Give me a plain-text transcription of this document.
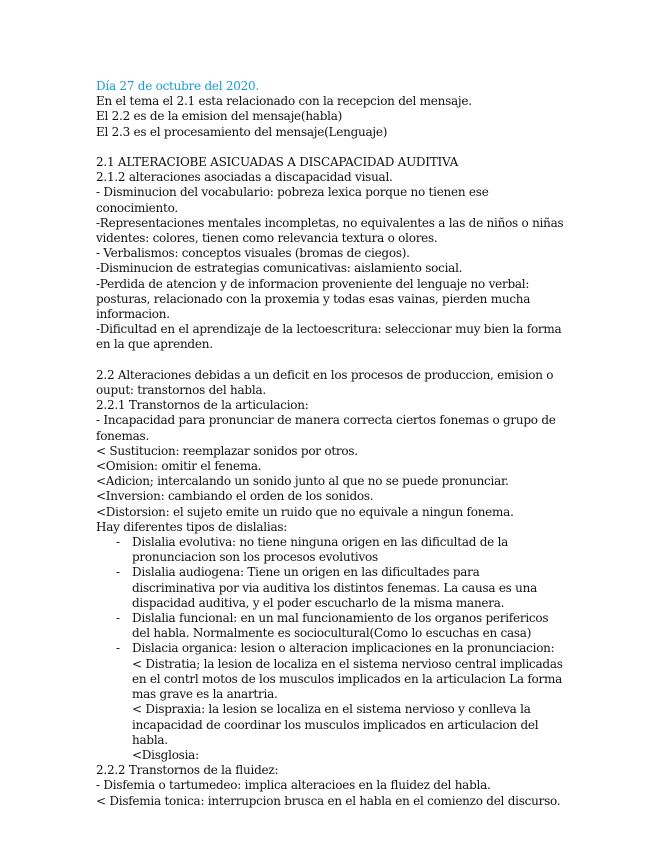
Día 27 de octubre del 2020.

En el tema el 2.1 esta relacionado con la recepcion del mensaje.

El 2.2 es de la emision del mensaje(habla)

El 2.3 es el procesamiento del mensaje(Lenguaje)

2.1 ALTERACIOBE ASICUADAS A DISCAPACIDAD AUDITIVA

2.1.2 alteraciones asociadas a discapacidad visual.

- Disminucion del vocabulario: pobreza lexica porque no tienen ese conocimiento.

-Representaciones mentales incompletas, no equivalentes a las de niños o niñas videntes: colores, tienen como relevancia textura o olores.

- Verbalismos: conceptos visuales (bromas de ciegos).

-Disminucion de estrategias comunicativas: aislamiento social.

-Perdida de atencion y de informacion proveniente del lenguaje no verbal: posturas, relacionado con la proxemia y todas esas vainas, pierden mucha informacion.

-Dificultad en el aprendizaje de la lectoescritura: seleccionar muy bien la forma en la que aprenden.

2.2 Alteraciones debidas a un deficit en los procesos de produccion, emision o ouput: transtornos del habla.

2.2.1 Transtornos de la articulacion:

- Incapacidad para pronunciar de manera correcta ciertos fonemas o grupo de fonemas.

< Sustitucion: reemplazar sonidos por otros.

<Omision: omitir el fenema.

<Adicion; intercalando un sonido junto al que no se puede pronunciar.

<Inversion: cambiando el orden de los sonidos.

<Distorsion: el sujeto emite un ruido que no equivale a ningun fonema.

Hay diferentes tipos de dislalias:

- Dislalia evolutiva: no tiene ninguna origen en las dificultad de la pronunciacion son los procesos evolutivos
- Dislalia audiogena: Tiene un origen en las dificultades para discriminativa por via auditiva los distintos fenemas. La causa es una dispacidad auditiva, y el poder escucharlo de la misma manera.
- Dislalia funcional: en un mal funcionamiento de los organos perifericos del habla. Normalmente es sociocultural(Como lo escuchas en casa)
- Dislacia organica: lesion o alteracion implicaciones en la pronunciacion:
< Distratia; la lesion de localiza en el sistema nervioso central implicadas en el contrl motos de los musculos implicados en la articulacion La forma mas grave es la anartria.
< Dispraxia: la lesion se localiza en el sistema nervioso y conlleva la incapacidad de coordinar los musculos implicados en articulacion del habla.
<Disglosia:

2.2.2 Transtornos de la fluidez:

- Disfemia o tartumedeo: implica alteracioes en la fluidez del habla.

< Disfemia tonica: interrupcion brusca en el habla en el comienzo del discurso.
